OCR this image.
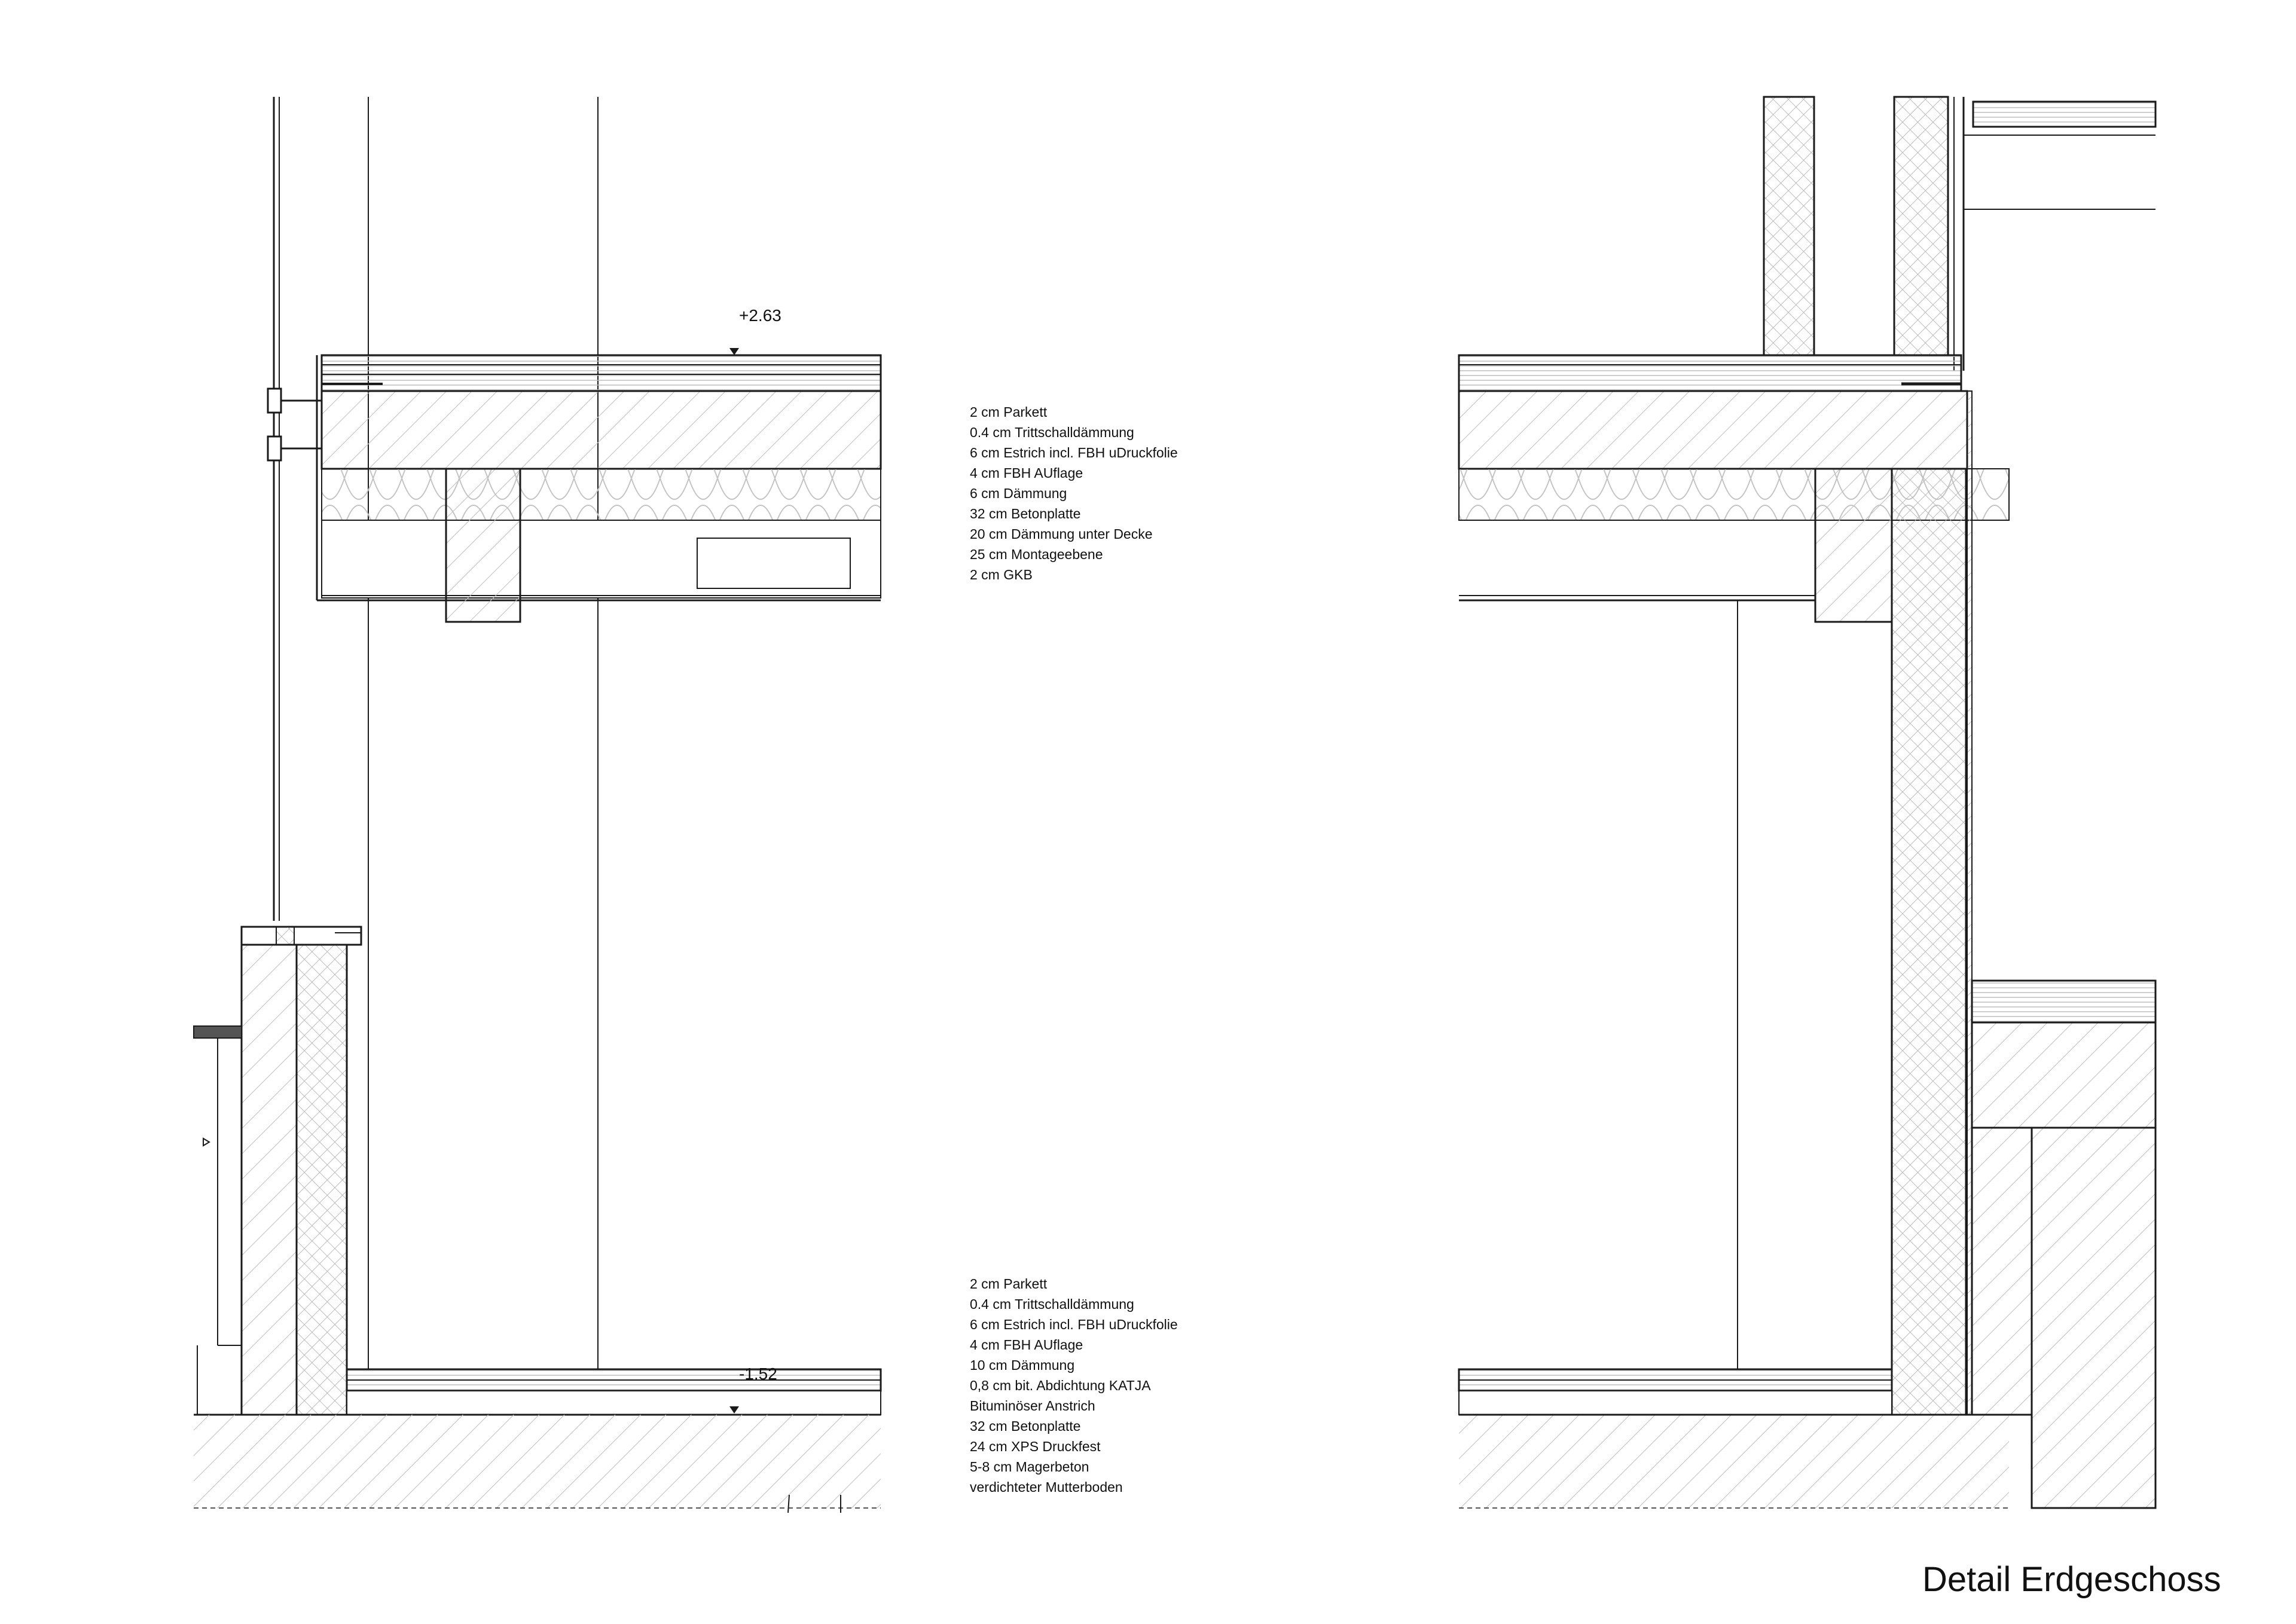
+2.63
-1.52
2 cm Parkett
0.4 cm Trittschalldämmung
6 cm Estrich incl. FBH uDruckfolie
4 cm FBH AUflage
6 cm Dämmung
32 cm Betonplatte
20 cm Dämmung unter Decke
25 cm Montageebene
2 cm GKB
2 cm Parkett
0.4 cm Trittschalldämmung
6 cm Estrich incl. FBH uDruckfolie
4 cm FBH AUflage
10 cm Dämmung
0,8 cm bit. Abdichtung KATJA
Bituminöser Anstrich
32 cm Betonplatte
24 cm XPS Druckfest
5-8 cm Magerbeton
verdichteter Mutterboden
Detail Erdgeschoss
